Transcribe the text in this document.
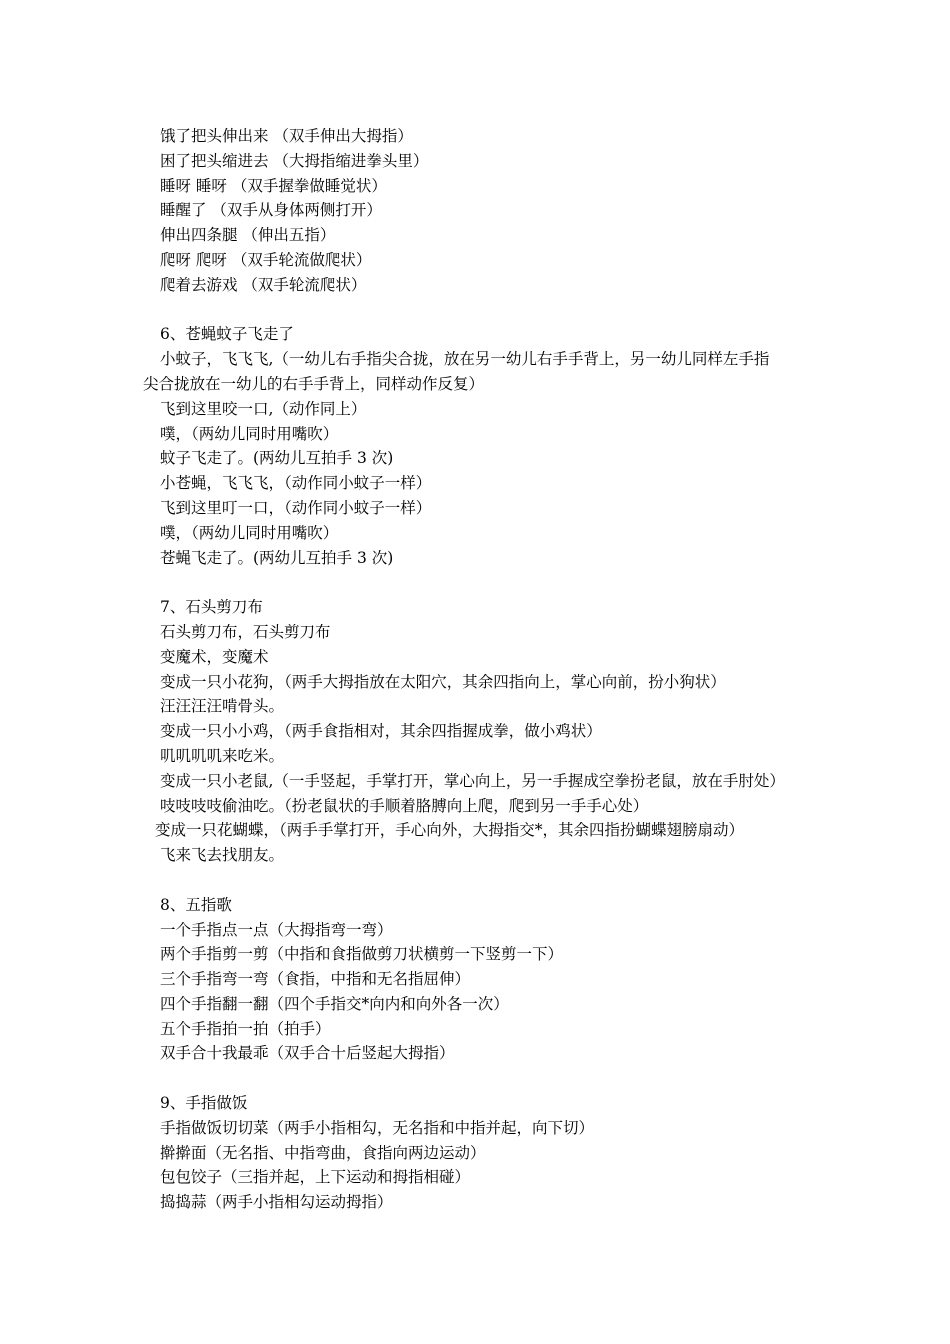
饿了把头伸出来 （双手伸出大拇指）
困了把头缩进去 （大拇指缩进拳头里）
睡呀 睡呀 （双手握拳做睡觉状）
睡醒了 （双手从身体两侧打开）
伸出四条腿 （伸出五指）
爬呀 爬呀 （双手轮流做爬状）
爬着去游戏 （双手轮流爬状）
6、苍蝇蚊子飞走了
小蚊子，飞飞飞,（一幼儿右手指尖合拢，放在另一幼儿右手手背上，另一幼儿同样左手指
尖合拢放在一幼儿的右手手背上，同样动作反复）
飞到这里咬一口,（动作同上）
噗，（两幼儿同时用嘴吹）
蚊子飞走了。(两幼儿互拍手 3 次)
小苍蝇，飞飞飞，（动作同小蚊子一样）
飞到这里叮一口，（动作同小蚊子一样）
噗，（两幼儿同时用嘴吹）
苍蝇飞走了。(两幼儿互拍手 3 次)
7、石头剪刀布
石头剪刀布，石头剪刀布
变魔术，变魔术
变成一只小花狗，（两手大拇指放在太阳穴，其余四指向上，掌心向前，扮小狗状）
汪汪汪汪啃骨头。
变成一只小小鸡，（两手食指相对，其余四指握成拳，做小鸡状）
叽叽叽叽来吃米。
变成一只小老鼠,（一手竖起，手掌打开，掌心向上，另一手握成空拳扮老鼠，放在手肘处）
吱吱吱吱偷油吃。（扮老鼠状的手顺着胳膊向上爬，爬到另一手手心处）
变成一只花蝴蝶，（两手手掌打开，手心向外，大拇指交*，其余四指扮蝴蝶翅膀扇动）
飞来飞去找朋友。
8、五指歌
一个手指点一点（大拇指弯一弯）
两个手指剪一剪（中指和食指做剪刀状横剪一下竖剪一下）
三个手指弯一弯（食指，中指和无名指屈伸）
四个手指翻一翻（四个手指交*向内和向外各一次）
五个手指拍一拍（拍手）
双手合十我最乖（双手合十后竖起大拇指）
9、手指做饭
手指做饭切切菜（两手小指相勾，无名指和中指并起，向下切）
擀擀面（无名指、中指弯曲，食指向两边运动）
包包饺子（三指并起，上下运动和拇指相碰）
捣捣蒜（两手小指相勾运动拇指）
